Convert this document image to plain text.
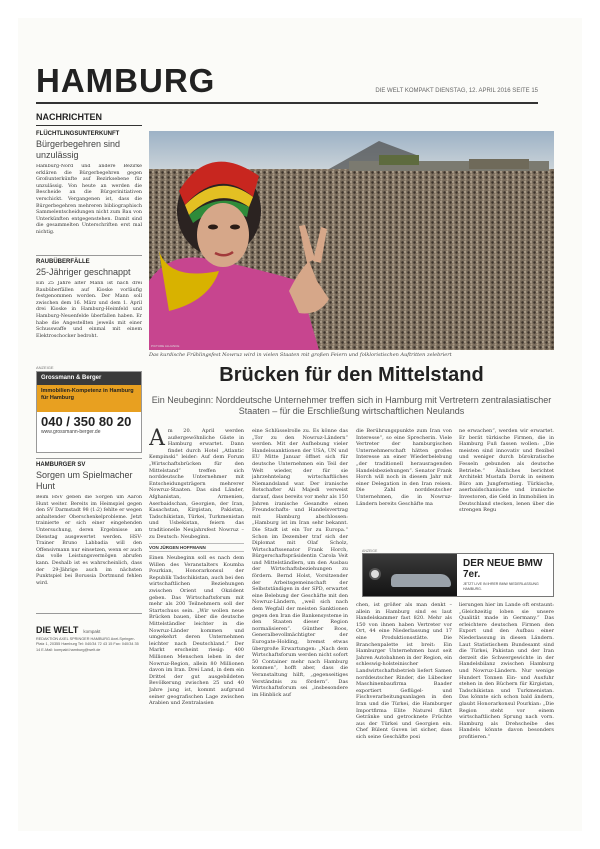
HAMBURG	DIE WELT KOMPAKT DIENSTAG, 12. APRIL 2016 SEITE 15
NACHRICHTEN
FLÜCHTLINGSUNTERKUNFT
Bürgerbegehren sind unzulässig
Hamburg-Nord und andere Bezirke erklären die Bürgerbegehren gegen Großunterkünfte auf Bezirksebene für unzulässig. Von heute an werden die Bescheide an die Bürgerinitiativen verschickt. Vergangenen ist, dass die Bürgerbegehren mehreren bibliographisch Sammelentscheidungen nicht zum Bau von Unterkünften entgegenstehen. Damit sind die gesammelten Unterschriften erst mal nichtig.
RAUBÜBERFÄLLE
25-Jähriger geschnappt
Ein 25 Jahre alter Mann ist nach drei Raubüberfällen auf Kioske vorläufig festgenommen worden. Der Mann soll zwischen dem 16. März und dem 1. April drei Kioske in Hamburg-Heimfeld und Hamburg-Neuenfelde überfallen haben. Er habe die Angestellten jeweils mit einer Schusswaffe und einmal mit einem Elektroschocker bedroht.
ANZEIGE
Grossmann & Berger
Immobilien-Kompetenz in Hamburg für Hamburg
040 / 350 80 20
www.grossmann-berger.de
HAMBURGER SV
Sorgen um Spielmacher Hunt
Beim HSV geben die Sorgen um Aaron Hunt weiter. Bereits im Heimspiel gegen den SV Darmstadt 98 (1:2) fehlte er wegen anhaltender Oberschenkelprobleme. Jetzt trainierte er sich einer eingehenden Untersuchung, deren Ergebnisse am Dienstag ausgewertet werden. HSV-Trainer Bruno Labbadia will den Offensivmann nur einsetzen, wenn er auch das volle Leistungsvermögen abrufen kann. Deshalb ist es wahrscheinlich, dass der 29-Jährige auch im nächsten Punktspiel bei Borussia Dortmund fehlen wird.
DIE WELT kompakt
REDAKTION AXEL SPRINGER HAMBURG Axel-Springer-Platz 1, 20355 Hamburg Tel: 040/34 72 43 15 Fax: 040/34 35 14 E-Mail: kompakt.hamburg@welt.de
PICTURE ALLIANCE
Das kurdische Frühlingsfest Nowruz wird in vielen Staaten mit großen Feiern und folkloristischen Auftritten zelebriert
Brücken für den Mittelstand
Ein Neubeginn: Norddeutsche Unternehmer treffen sich in Hamburg mit Vertretern zentralasiatischer Staaten – für die Erschließung wirtschaftlichen Neulands
A m 20. April werden außergewöhnliche Gäste in Hamburg erwartet. Dann findet durch Hotel „Atlantic Kempinski“ leider: Auf dem Forum „Wirtschaftsbrücken für den Mittelstand“ treffen sich norddeutsche Unternehmer mit Entscheidungsträgern mehrerer Nowruz-Staaten. Das sind Länder, Afghanistan, Armenien, Aserbaidschan, Georgien, der Iran, Kasachstan, Kirgistan, Pakistan, Tadschikistan, Türkei, Turkmenistan und Usbekistan, feiern das traditionelle Neujahrsfest Nowruz – zu Deutsch: Neubeginn.
VON JÜRGEN HOFFMANN
Einen Neubeginn soll es nach dem Willen des Veranstalters Koumba Pourkian, Honorarkonsul der Republik Tadschikistan, auch bei den wirtschaftlichen Beziehungen zwischen Orient und Okzident geben. Das Wirtschaftsforum mit mehr als 200 Teilnehmern soll der Startschuss sein. „Wir wollen neue Brücken bauen, über die deutsche Mittelständler leichter in die Nowruz-Länder kommen und umgekehrt deren Unternehmen leichter nach Deutschland.“ Der Markt erscheint riesig: 400 Millionen Menschen leben in der Nowruz-Region, allein 80 Millionen davon im Iran. Drei Land, in dem ein Drittel der gut ausgebildeten Bevölkerung zwischen 25 und 40 Jahre jung ist, kommt aufgrund seiner geografischen Lage zwischen Arabien und Zentralasien
eine Schlüsselrolle zu. Es könne das „Tor zu den Nowruz-Ländern“ werden. Mit der Aufhebung vieler Handelssanktionen der USA, UN und EU Mitte Januar öffnet sich für deutsche Unternehmen ein Teil der Welt wieder, der für sie jahrzehntelang wirtschaftliches Niemandsland war. Der iranische Botschafter Ali Majedi verweist darauf, dass bereits vor mehr als 150 Jahren iranische Gesandte einen Freundschafts- und Handelsvertrag mit Hamburg abschlossen: „Hamburg ist im Iran sehr bekannt. Die Stadt ist ein Tor zu Europa.“ Schon im Dezember traf sich der Diplomat mit Olaf Scholz, Wirtschaftssenator Frank Horch, Bürgerschaftspräsidentin Carola Veit und Mittelständlern, um den Ausbau der Wirtschaftsbeziehungen zu fördern. Bernd Holst, Vorsitzender der Arbeitsgemeinschaft der Selbstständigen in der SPD, erwartet eine Belebung der Geschäfte mit den Nowruz-Ländern, „weil sich nach dem Wegfall der meisten Sanktionen gegen den Iran die Bankensysteme in den Staaten dieser Region normalisieren“. Günther Boos, Generalbevollmächtigter der Eurogate-Holding, bremst etwas übergroße Erwartungen: „Nach dem Wirtschaftsforum werden nicht sofort 50 Container mehr nach Hamburg kommen“, hofft aber, dass die Veranstaltung hilft, „gegenseitiges Verständnis zu fördern“. Das Wirtschaftsforum sei „insbesondere im Hinblick auf
die Berührungspunkte zum Iran von Interesse“, so eine Sprecherin. Viele Vertreter der hamburgischen Unternehmerschaft hätten großes Interesse an einer Wiederbelebung „der traditionell herausragenden Handelsbeziehungen“. Senator Frank Horch will noch in diesem Jahr mit einer Delegation in den Iran reisen. Die Zahl norddeutscher Unternehmen, die in Nowruz-Ländern bereits Geschäfte ma
ne erwachen“, werden wir erwartet. Er berät türkische Firmen, die in Hamburg Fuß fassen wollen: „Die meisten sind innovativ und flexibel und weniger durch bürokratische Fesseln gebunden als deutsche Betriebe.“ Ähnliches berichtet Architekt Mustafa Doruk in seinem Büro am Jungfernstieg. Türkische, aserbaidschanische und iranische Investoren, die Geld in Immobilien in Deutschland stecken, lenen über die strengen Regu
ANZEIGE
DER NEUE BMW 7er.
JETZT LIVE IN IHRER BMW NIEDERLASSUNG HAMBURG.
chen, ist größer als man denkt – allein in Hamburg sind es laut Handelskammer fast 820. Mehr als 150 von ihnen haben Vertreter vor Ort, 44 eine Niederlassung und 17 eine Produktionsstätte. Die Branchenpalette ist breit: Ein Hamburger Unternehmen baut seit Jahren Autobahnen in der Region, ein schleswig-holsteinischer Landwirtschaftsbetrieb liefert Samen norddeutscher Rinder, die Lübecker Maschinenbaufirma Baader exportiert Geflügel- und Fischverarbeitungsanlagen in den Iran und die Türkei, die Hamburger Importfirma Elite Naturel führt Getränke und getrocknete Früchte aus der Türkei und Georgien ein. Chef Bülent Guven ist sicher, dass sich seine Geschäfte posi
lierungen hier im Lande oft erstaunt: „Gleichzeitig loben sie unsere Qualität made in Germany.“ Das erleichtere deutschen Firmen den Export und den Aufbau einer Niederlassung in diesen Ländern. Laut Statistischem Bundesamt sind die Türkei, Pakistan und der Iran derzeit die Schwergewichte in der Handelsbilanz zwischen Hamburg und Nowruz-Ländern. Nur wenige Hundert Tonnen Ein- und Ausfuhr stehen in den Büchern für Kirgistan, Tadschikistan und Turkmenistan. Das könnte sich schon bald ändern, glaubt Honorarkonsul Pourkian: „Die Region steht vor einem wirtschaftlichen Sprung nach vorn. Hamburg als Drehscheibe des Handels könnte davon besonders profitieren.“
